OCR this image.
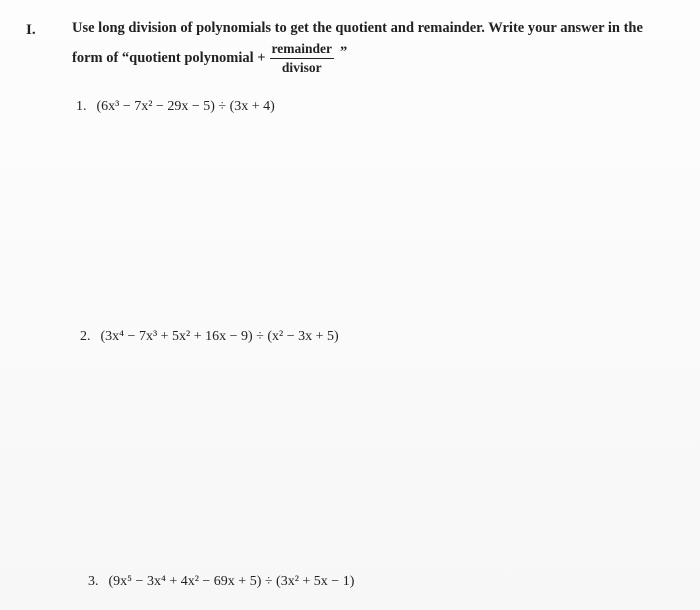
I.	Use long division of polynomials to get the quotient and remainder. Write your answer in the
form of “quotient polynomial + $\frac{\text{remainder}}{\text{divisor}}$ ”
1. (6x³ − 7x² − 29x − 5) ÷ (3x + 4)
2. (3x⁴ − 7x³ + 5x² + 16x − 9) ÷ (x² − 3x + 5)
3. (9x⁵ − 3x⁴ + 4x² − 69x + 5) ÷ (3x² + 5x − 1)
